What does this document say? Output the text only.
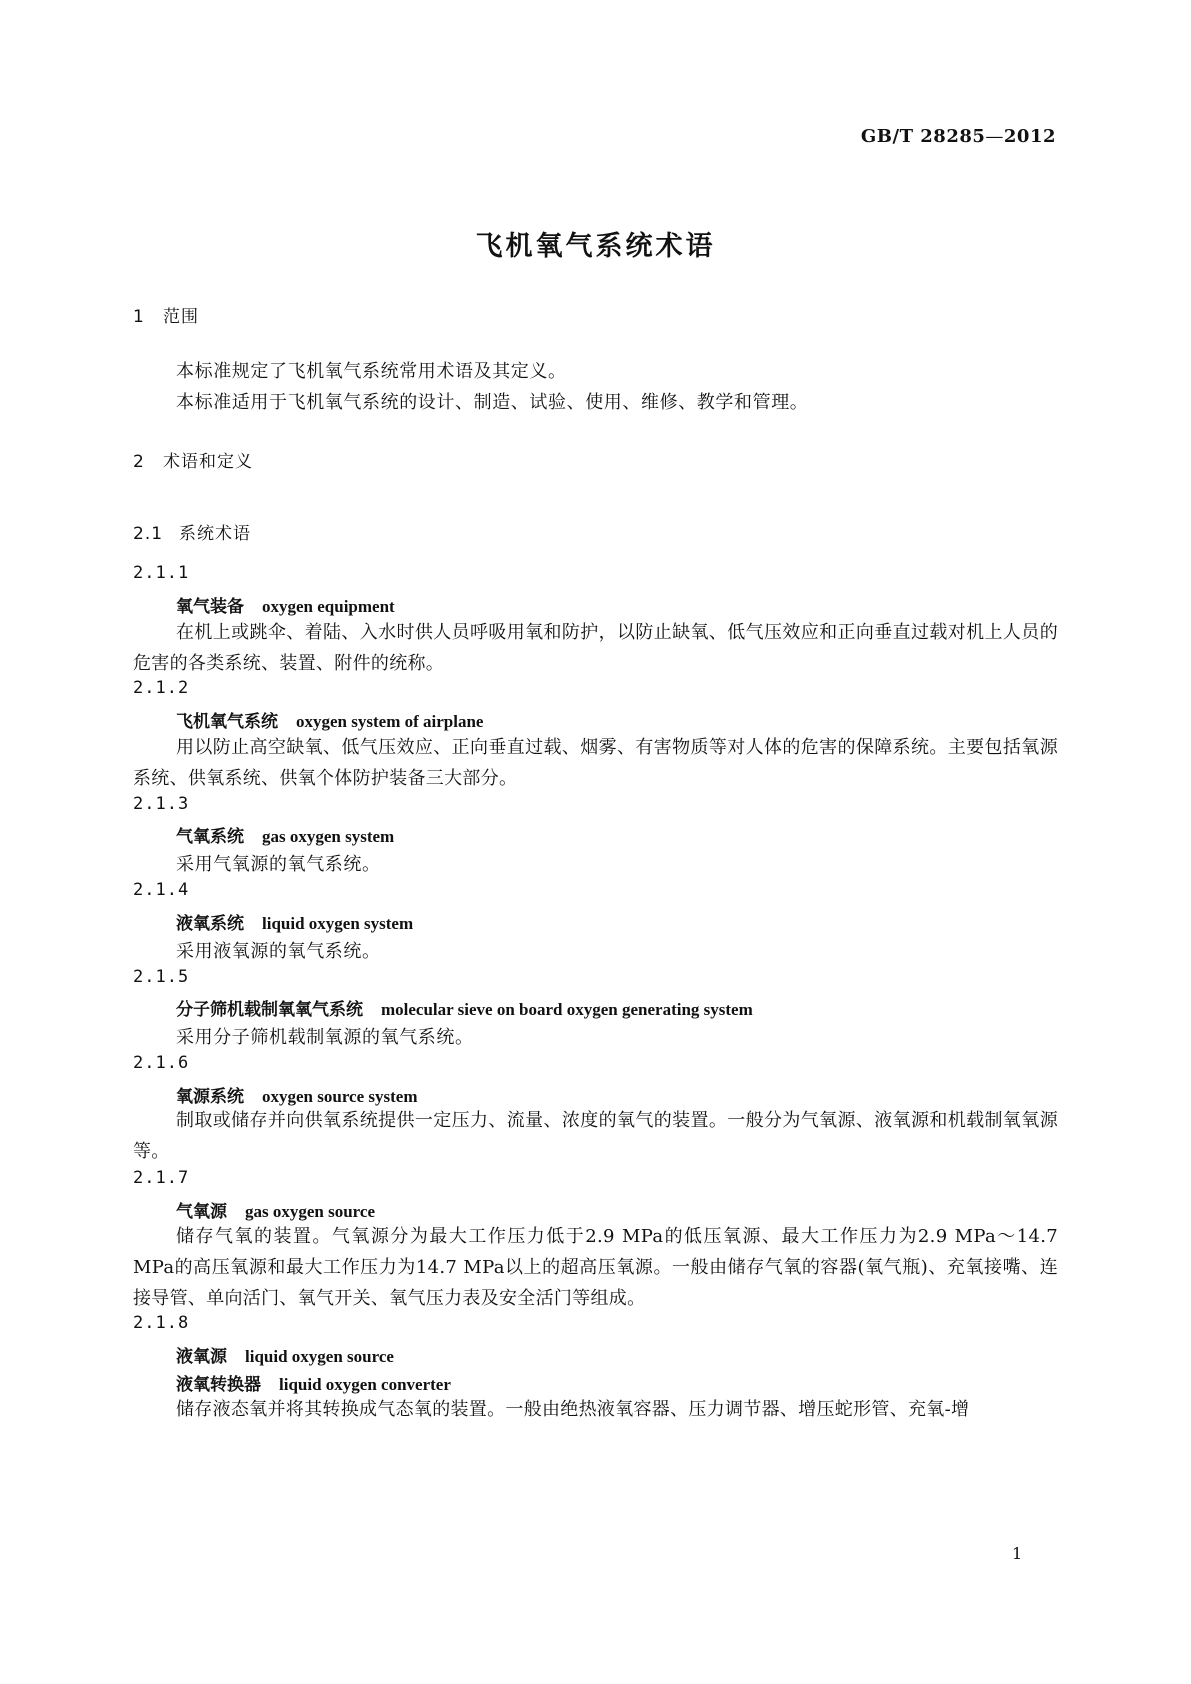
GB/T 28285—2012
飞机氧气系统术语
1 范围
本标准规定了飞机氧气系统常用术语及其定义。
本标准适用于飞机氧气系统的设计、制造、试验、使用、维修、教学和管理。
2 术语和定义
2.1 系统术语
2.1.1
氧气装备 oxygen equipment
在机上或跳伞、着陆、入水时供人员呼吸用氧和防护，以防止缺氧、低气压效应和正向垂直过载对机上人员的危害的各类系统、装置、附件的统称。
2.1.2
飞机氧气系统 oxygen system of airplane
用以防止高空缺氧、低气压效应、正向垂直过载、烟雾、有害物质等对人体的危害的保障系统。主要包括氧源系统、供氧系统、供氧个体防护装备三大部分。
2.1.3
气氧系统 gas oxygen system
采用气氧源的氧气系统。
2.1.4
液氧系统 liquid oxygen system
采用液氧源的氧气系统。
2.1.5
分子筛机载制氧氧气系统 molecular sieve on board oxygen generating system
采用分子筛机载制氧源的氧气系统。
2.1.6
氧源系统 oxygen source system
制取或储存并向供氧系统提供一定压力、流量、浓度的氧气的装置。一般分为气氧源、液氧源和机载制氧氧源等。
2.1.7
气氧源 gas oxygen source
储存气氧的装置。气氧源分为最大工作压力低于2.9 MPa的低压氧源、最大工作压力为2.9 MPa～14.7 MPa的高压氧源和最大工作压力为14.7 MPa以上的超高压氧源。一般由储存气氧的容器(氧气瓶)、充氧接嘴、连接导管、单向活门、氧气开关、氧气压力表及安全活门等组成。
2.1.8
液氧源 liquid oxygen source
液氧转换器 liquid oxygen converter
储存液态氧并将其转换成气态氧的装置。一般由绝热液氧容器、压力调节器、增压蛇形管、充氧-增
1
